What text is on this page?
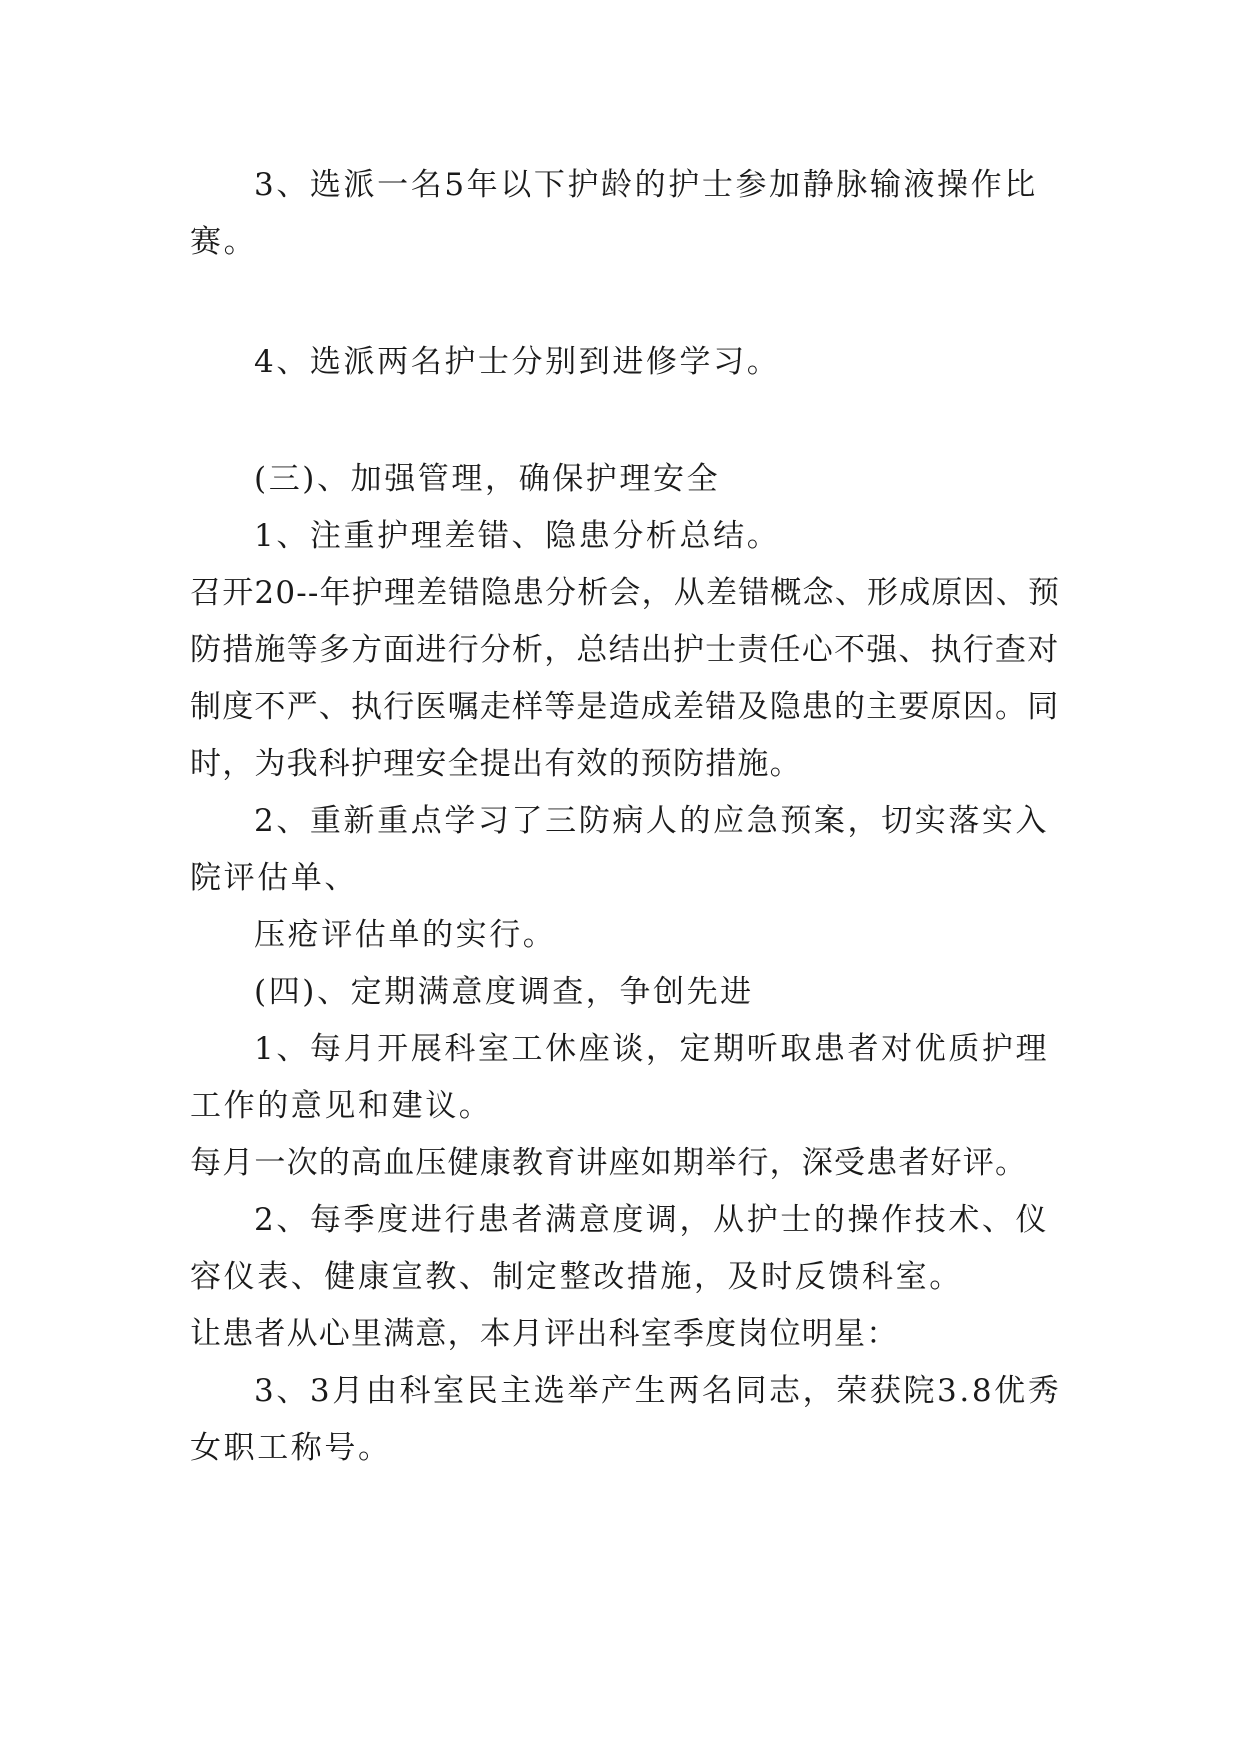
3、选派一名5年以下护龄的护士参加静脉输液操作比赛。

4、选派两名护士分别到进修学习。

(三)、加强管理，确保护理安全

1、注重护理差错、隐患分析总结。

召开20--年护理差错隐患分析会，从差错概念、形成原因、预防措施等多方面进行分析，总结出护士责任心不强、执行查对制度不严、执行医嘱走样等是造成差错及隐患的主要原因。同时，为我科护理安全提出有效的预防措施。

2、重新重点学习了三防病人的应急预案，切实落实入院评估单、

压疮评估单的实行。

(四)、定期满意度调查，争创先进

1、每月开展科室工休座谈，定期听取患者对优质护理工作的意见和建议。

每月一次的高血压健康教育讲座如期举行，深受患者好评。

2、每季度进行患者满意度调，从护士的操作技术、仪容仪表、健康宣教、制定整改措施，及时反馈科室。

让患者从心里满意，本月评出科室季度岗位明星：

3、3月由科室民主选举产生两名同志，荣获院3.8优秀女职工称号。
